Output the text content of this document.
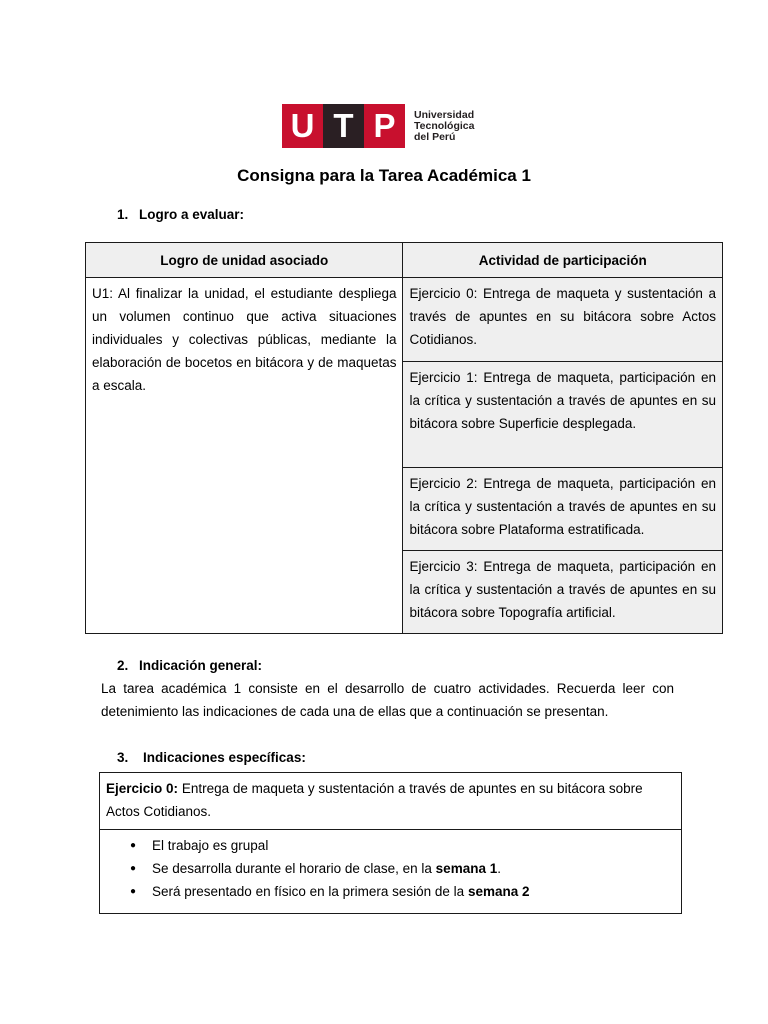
U T P	Universidad
Tecnológica
del Perú
Consigna para la Tarea Académica 1
1. Logro a evaluar:
Logro de unidad asociado	Actividad de participación
U1: Al finalizar la unidad, el estudiante despliega un volumen continuo que activa situaciones individuales y colectivas públicas, mediante la elaboración de bocetos en bitácora y de maquetas a escala.	Ejercicio 0: Entrega de maqueta y sustentación a través de apuntes en su bitácora sobre Actos Cotidianos.
	Ejercicio 1: Entrega de maqueta, participación en la crítica y sustentación a través de apuntes en su bitácora sobre Superficie desplegada.
	Ejercicio 2: Entrega de maqueta, participación en la crítica y sustentación a través de apuntes en su bitácora sobre Plataforma estratificada.
	Ejercicio 3: Entrega de maqueta, participación en la crítica y sustentación a través de apuntes en su bitácora sobre Topografía artificial.
2. Indicación general:
La tarea académica 1 consiste en el desarrollo de cuatro actividades. Recuerda leer con detenimiento las indicaciones de cada una de ellas que a continuación se presentan.
3. Indicaciones específicas:
Ejercicio 0: Entrega de maqueta y sustentación a través de apuntes en su bitácora sobre Actos Cotidianos.

● El trabajo es grupal
● Se desarrolla durante el horario de clase, en la semana 1.
● Será presentado en físico en la primera sesión de la semana 2
